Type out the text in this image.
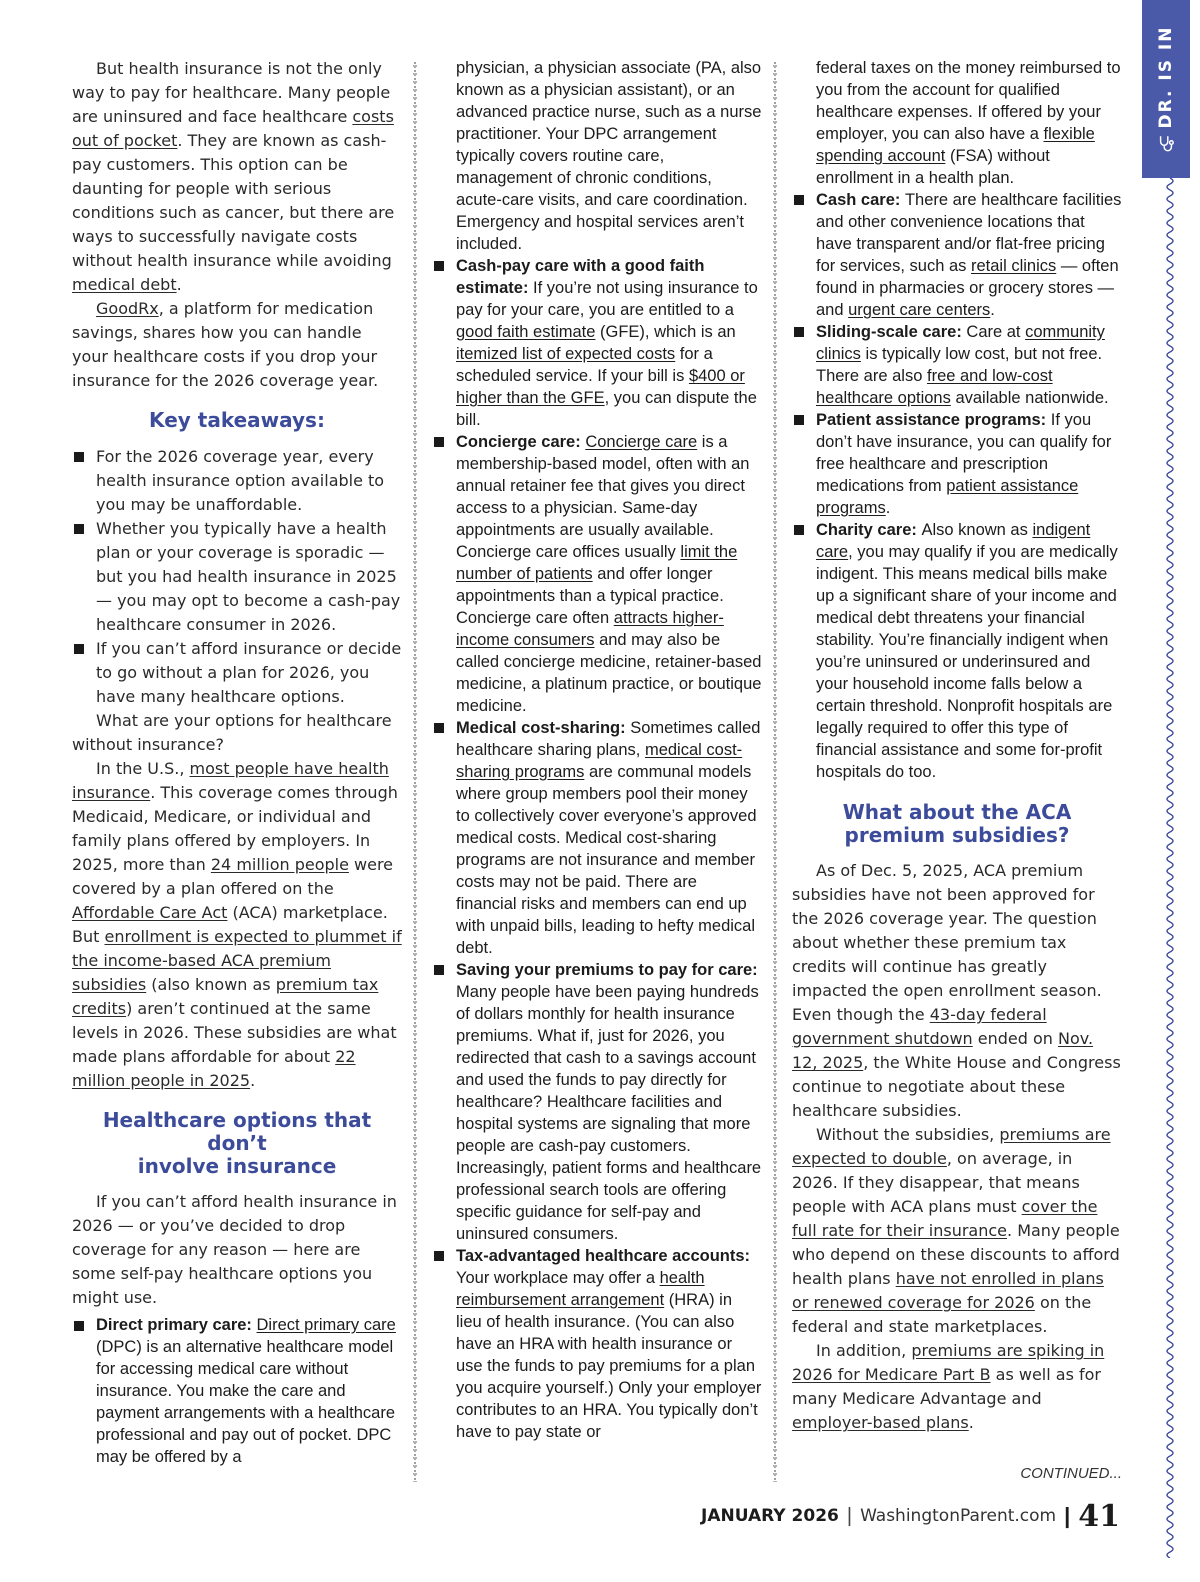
DR. IS IN

But health insurance is not the only way to pay for healthcare. Many people are uninsured and face healthcare costs out of pocket. They are known as cash-pay customers. This option can be daunting for people with serious conditions such as cancer, but there are ways to successfully navigate costs without health insurance while avoiding medical debt.

GoodRx, a platform for medication savings, shares how you can handle your healthcare costs if you drop your insurance for the 2026 coverage year.

Key takeaways:
For the 2026 coverage year, every health insurance option available to you may be unaffordable.
Whether you typically have a health plan or your coverage is sporadic — but you had health insurance in 2025 — you may opt to become a cash-pay healthcare consumer in 2026.
If you can’t afford insurance or decide to go without a plan for 2026, you have many healthcare options.

What are your options for healthcare without insurance?

In the U.S., most people have health insurance. This coverage comes through Medicaid, Medicare, or individual and family plans offered by employers. In 2025, more than 24 million people were covered by a plan offered on the Affordable Care Act (ACA) marketplace. But enrollment is expected to plummet if the income-based ACA premium subsidies (also known as premium tax credits) aren’t continued at the same levels in 2026. These subsidies are what made plans affordable for about 22 million people in 2025.

Healthcare options that don’t
involve insurance

If you can’t afford health insurance in 2026 — or you’ve decided to drop coverage for any reason — here are some self-pay healthcare options you might use.

Direct primary care: Direct primary care (DPC) is an alternative healthcare model for accessing medical care without insurance. You make the care and payment arrangements with a healthcare professional and pay out of pocket. DPC may be offered by a

physician, a physician associate (PA, also known as a physician assistant), or an advanced practice nurse, such as a nurse practitioner. Your DPC arrangement typically covers routine care, management of chronic conditions, acute-care visits, and care coordination. Emergency and hospital services aren’t included.

Cash-pay care with a good faith estimate: If you’re not using insurance to pay for your care, you are entitled to a good faith estimate (GFE), which is an itemized list of expected costs for a scheduled service. If your bill is $400 or higher than the GFE, you can dispute the bill.
Concierge care: Concierge care is a membership-based model, often with an annual retainer fee that gives you direct access to a physician. Same-day appointments are usually available. Concierge care offices usually limit the number of patients and offer longer appointments than a typical practice. Concierge care often attracts higher-income consumers and may also be called concierge medicine, retainer-based medicine, a platinum practice, or boutique medicine.
Medical cost-sharing: Sometimes called healthcare sharing plans, medical cost-sharing programs are communal models where group members pool their money to collectively cover everyone’s approved medical costs. Medical cost-sharing programs are not insurance and member costs may not be paid. There are financial risks and members can end up with unpaid bills, leading to hefty medical debt.
Saving your premiums to pay for care: Many people have been paying hundreds of dollars monthly for health insurance premiums. What if, just for 2026, you redirected that cash to a savings account and used the funds to pay directly for healthcare? Healthcare facilities and hospital systems are signaling that more people are cash-pay customers. Increasingly, patient forms and healthcare professional search tools are offering specific guidance for self-pay and uninsured consumers.
Tax-advantaged healthcare accounts: Your workplace may offer a health reimbursement arrangement (HRA) in lieu of health insurance. (You can also have an HRA with health insurance or use the funds to pay premiums for a plan you acquire yourself.) Only your employer contributes to an HRA. You typically don’t have to pay state or

federal taxes on the money reimbursed to you from the account for qualified healthcare expenses. If offered by your employer, you can also have a flexible spending account (FSA) without enrollment in a health plan.

Cash care: There are healthcare facilities and other convenience locations that have transparent and/or flat-free pricing for services, such as retail clinics — often found in pharmacies or grocery stores — and urgent care centers.
Sliding-scale care: Care at community clinics is typically low cost, but not free. There are also free and low-cost healthcare options available nationwide.
Patient assistance programs: If you don’t have insurance, you can qualify for free healthcare and prescription medications from patient assistance programs.
Charity care: Also known as indigent care, you may qualify if you are medically indigent. This means medical bills make up a significant share of your income and medical debt threatens your financial stability. You’re financially indigent when you’re uninsured or underinsured and your household income falls below a certain threshold. Nonprofit hospitals are legally required to offer this type of financial assistance and some for-profit hospitals do too.
What about the ACA
premium subsidies?

As of Dec. 5, 2025, ACA premium subsidies have not been approved for the 2026 coverage year. The question about whether these premium tax credits will continue has greatly impacted the open enrollment season. Even though the 43-day federal government shutdown ended on Nov. 12, 2025, the White House and Congress continue to negotiate about these healthcare subsidies.

Without the subsidies, premiums are expected to double, on average, in 2026. If they disappear, that means people with ACA plans must cover the full rate for their insurance. Many people who depend on these discounts to afford health plans have not enrolled in plans or renewed coverage for 2026 on the federal and state marketplaces.

In addition, premiums are spiking in 2026 for Medicare Part B as well as for many Medicare Advantage and employer-based plans.

CONTINUED...
JANUARY 2026 | WashingtonParent.com | 41
